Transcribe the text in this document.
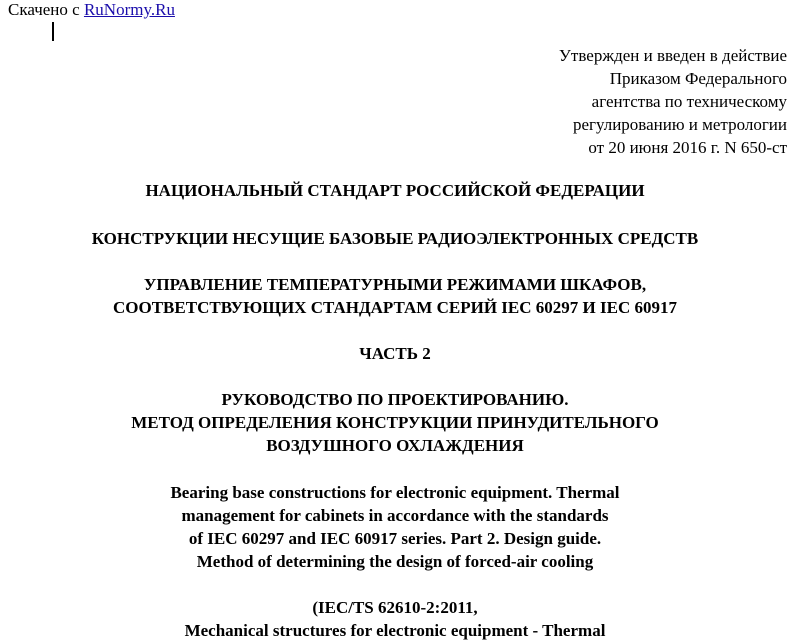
Скачено с RuNormy.Ru
Утвержден и введен в действие
Приказом Федерального
агентства по техническому
регулированию и метрологии
от 20 июня 2016 г. N 650-ст
НАЦИОНАЛЬНЫЙ СТАНДАРТ РОССИЙСКОЙ ФЕДЕРАЦИИ
КОНСТРУКЦИИ НЕСУЩИЕ БАЗОВЫЕ РАДИОЭЛЕКТРОННЫХ СРЕДСТВ
УПРАВЛЕНИЕ ТЕМПЕРАТУРНЫМИ РЕЖИМАМИ ШКАФОВ,
СООТВЕТСТВУЮЩИХ СТАНДАРТАМ СЕРИЙ IEC 60297 И IEC 60917
ЧАСТЬ 2
РУКОВОДСТВО ПО ПРОЕКТИРОВАНИЮ.
МЕТОД ОПРЕДЕЛЕНИЯ КОНСТРУКЦИИ ПРИНУДИТЕЛЬНОГО
ВОЗДУШНОГО ОХЛАЖДЕНИЯ
Bearing base constructions for electronic equipment. Thermal
management for cabinets in accordance with the standards
of IEC 60297 and IEC 60917 series. Part 2. Design guide.
Method of determining the design of forced-air cooling
(IEC/TS 62610-2:2011,
Mechanical structures for electronic equipment - Thermal
